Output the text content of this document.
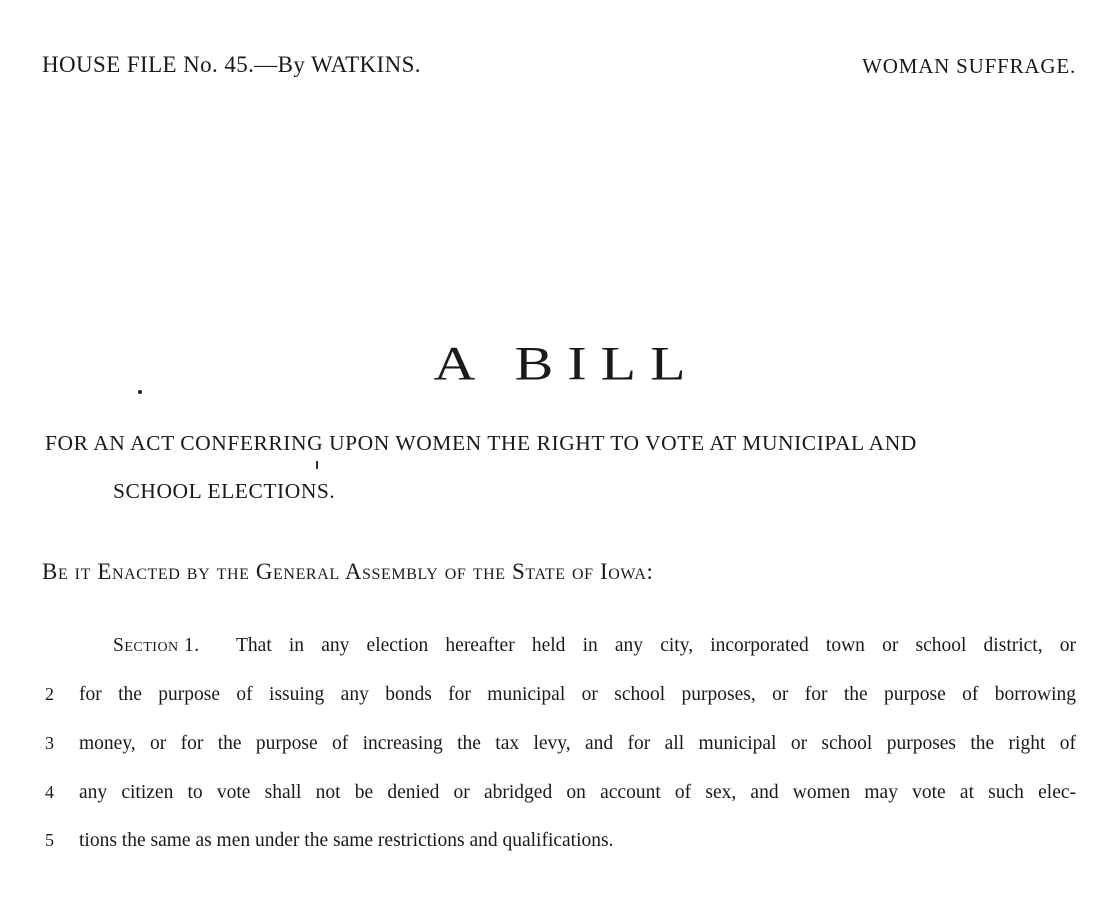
HOUSE FILE No. 45.—By WATKINS.	WOMAN SUFFRAGE.
A BILL
FOR AN ACT CONFERRING UPON WOMEN THE RIGHT TO VOTE AT MUNICIPAL AND
SCHOOL ELECTIONS.
Be it Enacted by the General Assembly of the State of Iowa:
Section 1. That in any election hereafter held in any city, incorporated town or school district, or
2 for the purpose of issuing any bonds for municipal or school purposes, or for the purpose of borrowing
3 money, or for the purpose of increasing the tax levy, and for all municipal or school purposes the right of
4 any citizen to vote shall not be denied or abridged on account of sex, and women may vote at such elec-
5 tions the same as men under the same restrictions and qualifications.
